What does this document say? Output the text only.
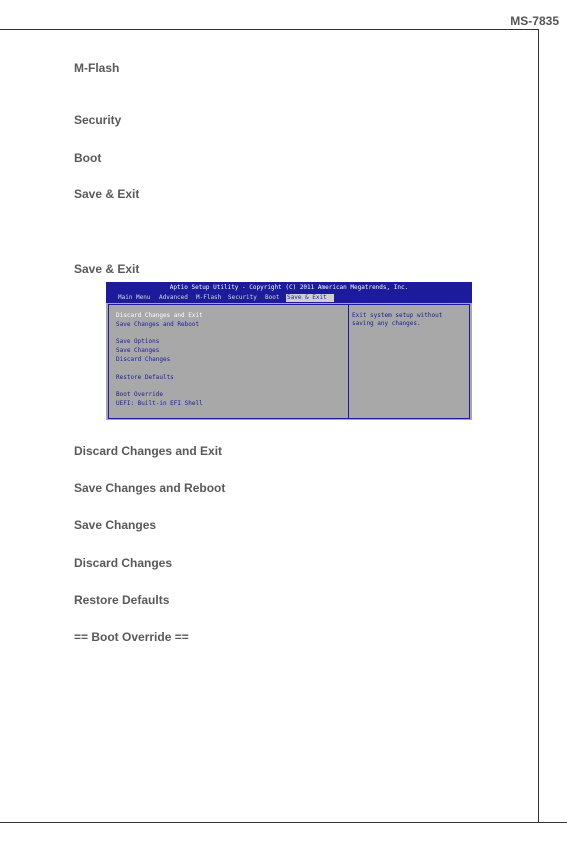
MS-7835
M-Flash
Security
Boot
Save & Exit
Save & Exit
Aptio Setup Utility - Copyright (C) 2011 American Megatrends, Inc.
Main Menu Advanced M-Flash Security Boot Save & Exit
Discard Changes and Exit
Save Changes and Reboot
Save Options
Save Changes
Discard Changes
Restore Defaults
Boot Override
UEFI: Built-in EFI Shell
Exit system setup without
saving any changes.
Discard Changes and Exit
Save Changes and Reboot
Save Changes
Discard Changes
Restore Defaults
== Boot Override ==
